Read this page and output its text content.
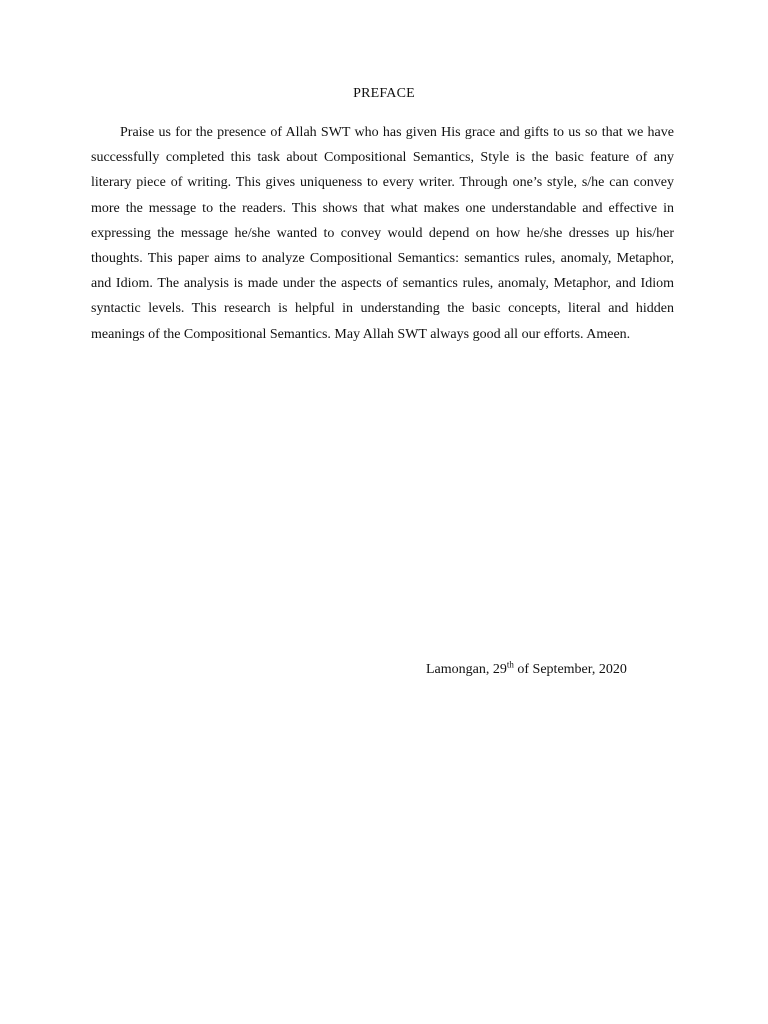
PREFACE

Praise us for the presence of Allah SWT who has given His grace and gifts to us so that we have successfully completed this task about Compositional Semantics, Style is the basic feature of any literary piece of writing. This gives uniqueness to every writer. Through one’s style, s/he can convey more the message to the readers. This shows that what makes one understandable and effective in expressing the message he/she wanted to convey would depend on how he/she dresses up his/her thoughts. This paper aims to analyze Compositional Semantics: semantics rules, anomaly, Metaphor, and Idiom. The analysis is made under the aspects of semantics rules, anomaly, Metaphor, and Idiom syntactic levels. This research is helpful in understanding the basic concepts, literal and hidden meanings of the Compositional Semantics. May Allah SWT always good all our efforts. Ameen.

Lamongan, 29th of September, 2020
